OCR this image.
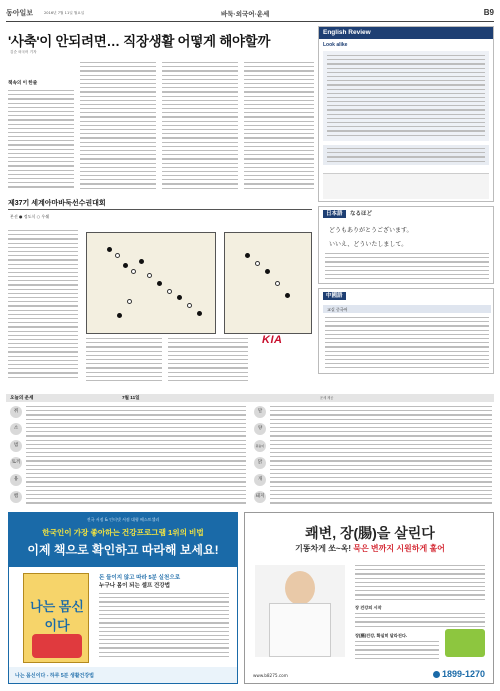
동아일보	2016년 7월 11일 월요일	바둑·외국어·운세	B9
'사축'이 안되려면… 직장생활 어떻게 해야할까
김순 외국어 기자
책속의 이 한줄
English Review
Look alike
日本語 なるほど
どうもありがとうございます。
いいえ、どういたしまして。
中國語
교실 중국어
제37기 세계아마바둑선수권대회
본선 ● 정도식 ○ 우쉐
KIA
오늘의 운세	7월 11일	운세 제공
쥐
소
범
토끼
용
뱀
말
양
원숭이
닭
개
돼지
전국 서점 & 인터넷 서점 대형 베스트셀러
한국인이 가장 좋아하는 건강프로그램 1위의 비법
이제 책으로 확인하고 따라해 보세요!
나는 몸신이다
돈 들이지 않고 따라 5분 실천으로
누구나 몸이 되는 셀프 건강법
나는 몸신이다 - 하루 5분 생활건강법
쾌변, 장(腸)을 살린다
기똥차게 쏘~옥! 묵은 변까지 시원하게 훌어
장 건강의 시작
장(腸)건강, 확실히 달라진다.
www.b8275.com	1899-1270
